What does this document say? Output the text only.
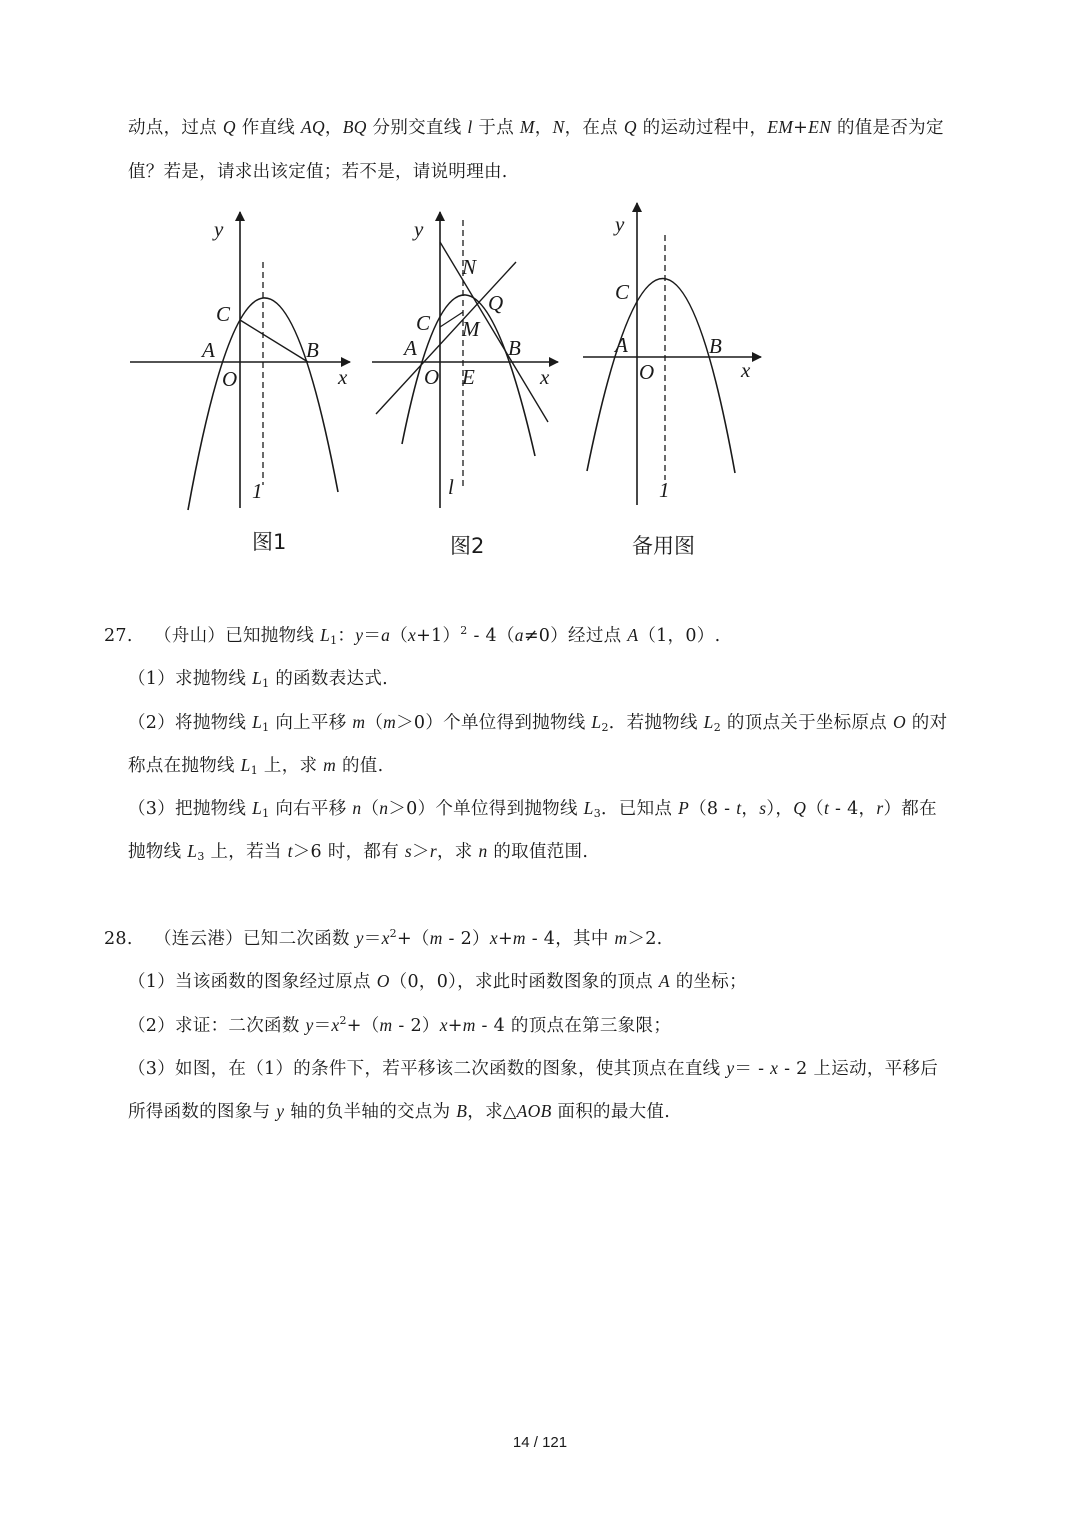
动点，过点 Q 作直线 AQ，BQ 分别交直线 l 于点 M，N，在点 Q 的运动过程中，EM+EN 的值是否为定
值？若是，请求出该定值；若不是，请说明理由.
y
x
C
A
O
B
1
图1
y
x
N
Q
C M
A
O E
B
l
图2
y
x
C
A
O
B
1
备用图
27. （舟山）已知抛物线 $L_1$：$y=a(x+1)^2 - 4(a\ne 0)$经过点 A（1，0）.
（1）求抛物线 $L_1$ 的函数表达式.
（2）将抛物线 $L_1$ 向上平移 m（m＞0）个单位得到抛物线 $L_2$．若抛物线 $L_2$ 的顶点关于坐标原点 O 的对
称点在抛物线 $L_1$ 上，求 m 的值.
（3）把抛物线 $L_1$ 向右平移 n（n＞0）个单位得到抛物线 $L_3$．已知点 P（8 - t，s），Q（t - 4，r）都在
抛物线 $L_3$ 上，若当 t＞6 时，都有 s＞r，求 n 的取值范围.
28. （连云港）已知二次函数 $y=x^2+(m - 2)x+m - 4$，其中 m＞2.
（1）当该函数的图象经过原点 O（0，0），求此时函数图象的顶点 A 的坐标；
（2）求证：二次函数 $y=x^2+(m - 2)x+m - 4$ 的顶点在第三象限；
（3）如图，在（1）的条件下，若平移该二次函数的图象，使其顶点在直线 y＝ - x - 2 上运动，平移后
所得函数的图象与 y 轴的负半轴的交点为 B，求△AOB 面积的最大值.
14 / 121
